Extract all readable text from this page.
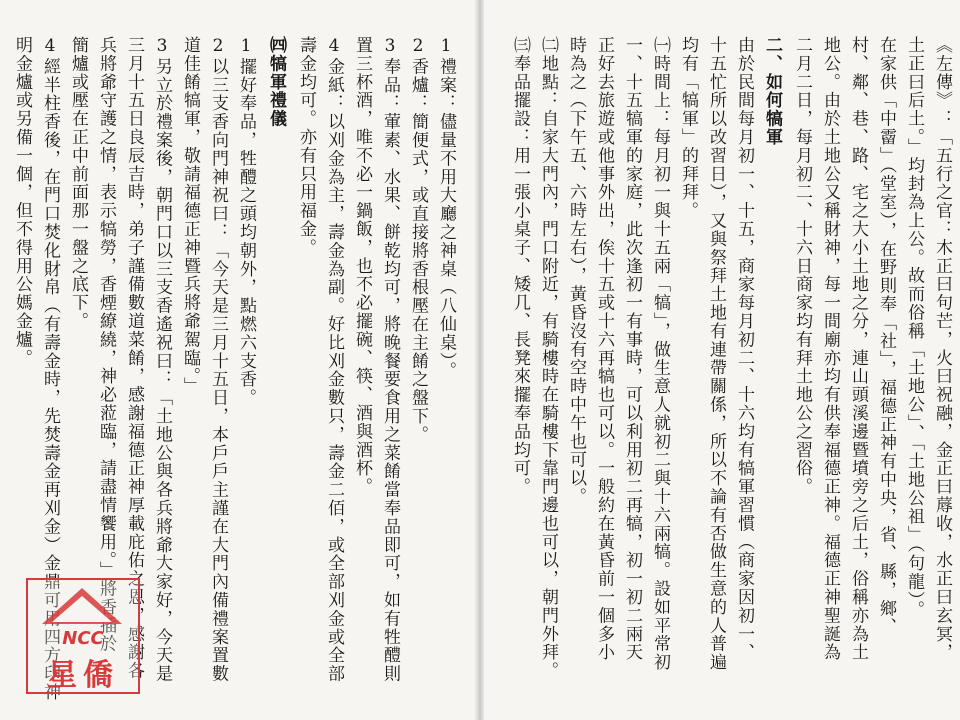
1禮案：儘量不用大廳之神桌（八仙桌）。
2香爐：簡便式，或直接將香根壓在主餚之盤下。
3奉品：葷素、水果、餅乾均可，將晚餐要食用之菜餚當奉品即可，如有牲醴則
置三杯酒，唯不必一鍋飯，也不必擺碗、筷、酒與酒杯。
4金紙：以刈金為主，壽金為副。好比刈金數只，壽金二佰，或全部刈金或全部
壽金均可。亦有只用福金。
㈣犒軍禮儀
1擺好奉品，牲醴之頭均朝外，點燃六支香。
2以三支香向門神祝曰：「今天是三月十五日，本戶戶主謹在大門內備禮案置數
道佳餚犒軍，敬請福德正神暨兵將爺駕臨。」
3另立於禮案後，朝門口以三支香遙祝曰：「土地公與各兵將爺大家好，今天是
三月十五日良辰吉時，弟子謹備數道菜餚，感謝福德正神厚載庇佑之恩，感謝各
兵將爺守護之情，表示犒勞，香煙繚繞，神必蒞臨，請盡情饗用。」將香插於
簡爐或壓在正中前面那一盤之底下。
4經半柱香後，在門口焚化財帛（有壽金時，先焚壽金再刈金）金鼎可用四方印神
明金爐或另備一個，但不得用公媽金爐。
NCC
星僑
《左傳》：「五行之官：木正曰句芒，火曰祝融，金正曰蓐收，水正曰玄冥，
土正曰后土。」均封為上公。故而俗稱「土地公」、「土地公祖」（句龍）。
在家供「中霤」（堂室），在野則奉「社」，福德正神有中央，省、縣，鄉、
村、鄰、巷、路、宅之大小土地之分，連山頭溪邊暨墳旁之后土，俗稱亦為土
地公。由於土地公又稱財神，每一間廟亦均有供奉福德正神。福德正神聖誕為
二月二日，每月初二、十六日商家均有拜土地公之習俗。
二、如何犒軍
由於民間每月初一、十五，商家每月初二、十六均有犒軍習慣（商家因初一、
十五忙所以改習日），又與祭拜土地有連帶關係，所以不論有否做生意的人普遍
均有「犒軍」的拜拜。
㈠時間上：每月初一與十五兩「犒」，做生意人就初二與十六兩犒。設如平常初
一、十五犒軍的家庭，此次逢初一有事時，可以利用初二再犒，初一初二兩天
正好去旅遊或他事外出，俟十五或十六再犒也可以。一般約在黃昏前一個多小
時為之（下午五、六時左右），黃昏沒有空時中午也可以。
㈡地點：自家大門內，門口附近，有騎樓時在騎樓下靠門邊也可以，朝門外拜。
㈢奉品擺設：用一張小桌子、矮几、長凳來擺奉品均可。
